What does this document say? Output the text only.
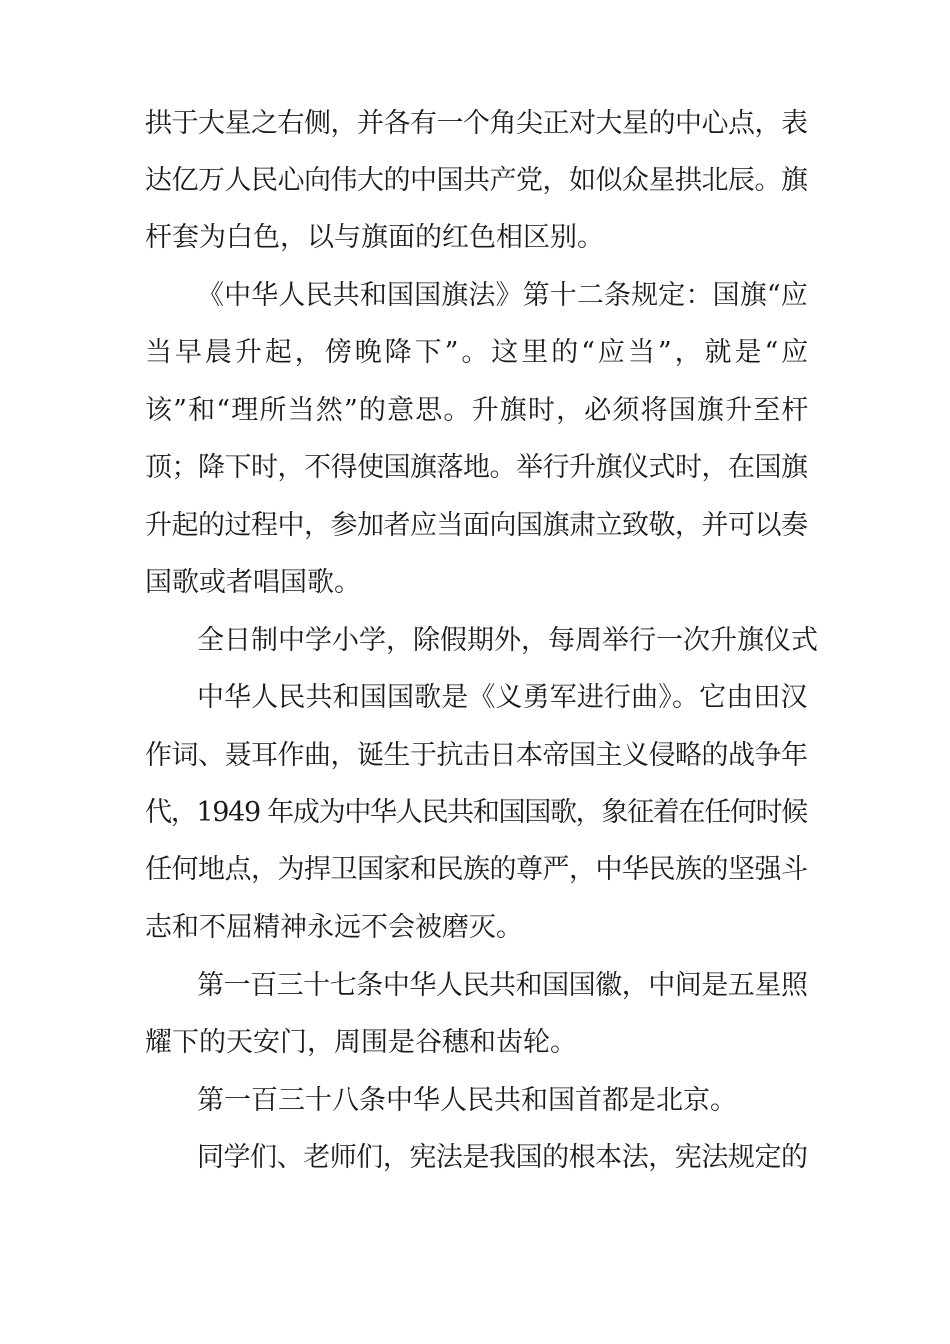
拱于大星之右侧，并各有一个角尖正对大星的中心点，表

达亿万人民心向伟大的中国共产党，如似众星拱北辰。旗

杆套为白色，以与旗面的红色相区别。

《中华人民共和国国旗法》第十二条规定：国旗“应

当早晨升起，傍晚降下”。这里的“应当”，就是“应

该”和“理所当然”的意思。升旗时，必须将国旗升至杆

顶；降下时，不得使国旗落地。举行升旗仪式时，在国旗

升起的过程中，参加者应当面向国旗肃立致敬，并可以奏

国歌或者唱国歌。

全日制中学小学，除假期外，每周举行一次升旗仪式

中华人民共和国国歌是《义勇军进行曲》。它由田汉

作词、聂耳作曲，诞生于抗击日本帝国主义侵略的战争年

代，1949 年成为中华人民共和国国歌，象征着在任何时候

任何地点，为捍卫国家和民族的尊严，中华民族的坚强斗

志和不屈精神永远不会被磨灭。

第一百三十七条中华人民共和国国徽，中间是五星照

耀下的天安门，周围是谷穗和齿轮。

第一百三十八条中华人民共和国首都是北京。

同学们、老师们，宪法是我国的根本法，宪法规定的
